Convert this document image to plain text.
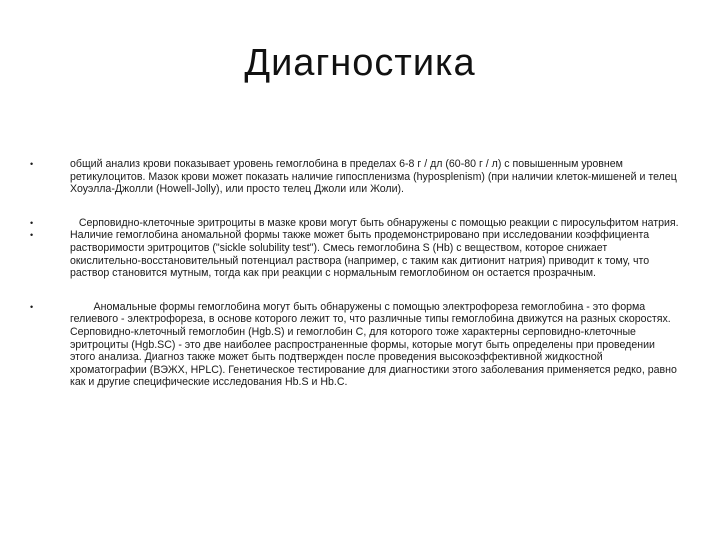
Диагностика
•	общий анализ крови показывает уровень гемоглобина в пределах 6-8 г / дл (60-80 г / л) с повышенным уровнем ретикулоцитов. Мазок крови может показать наличие гипоспленизма (hyposplenism) (при наличии клеток-мишеней и телец Хоуэлла-Джолли (Howell-Jolly), или просто телец Джоли или Жоли).
•	Серповидно-клеточные эритроциты в мазке крови могут быть обнаружены с помощью реакции с пиросульфитом натрия.
•	Наличие гемоглобина аномальной формы также может быть продемонстрировано при исследовании коэффициента растворимости эритроцитов ("sickle solubility test"). Смесь гемоглобина S (Hb) с веществом, которое снижает окислительно-восстановительный потенциал раствора (например, с таким как дитионит натрия) приводит к тому, что раствор становится мутным, тогда как при реакции с нормальным гемоглобином он остается прозрачным.
•	Аномальные формы гемоглобина могут быть обнаружены с помощью электрофореза гемоглобина - это форма гелиевого - электрофореза, в основе которого лежит то, что различные типы гемоглобина движутся на разных скоростях. Серповидно-клеточный гемоглобин (Hgb.S) и гемоглобин C, для которого тоже характерны серповидно-клеточные эритроциты (Hgb.SC) - это две наиболее распространенные формы, которые могут быть определены при проведении этого анализа. Диагноз также может быть подтвержден после проведения высокоэффективной жидкостной хроматографии (ВЭЖХ, HPLC). Генетическое тестирование для диагностики этого заболевания применяется редко, равно как и другие специфические исследования Hb.S и Hb.C.
